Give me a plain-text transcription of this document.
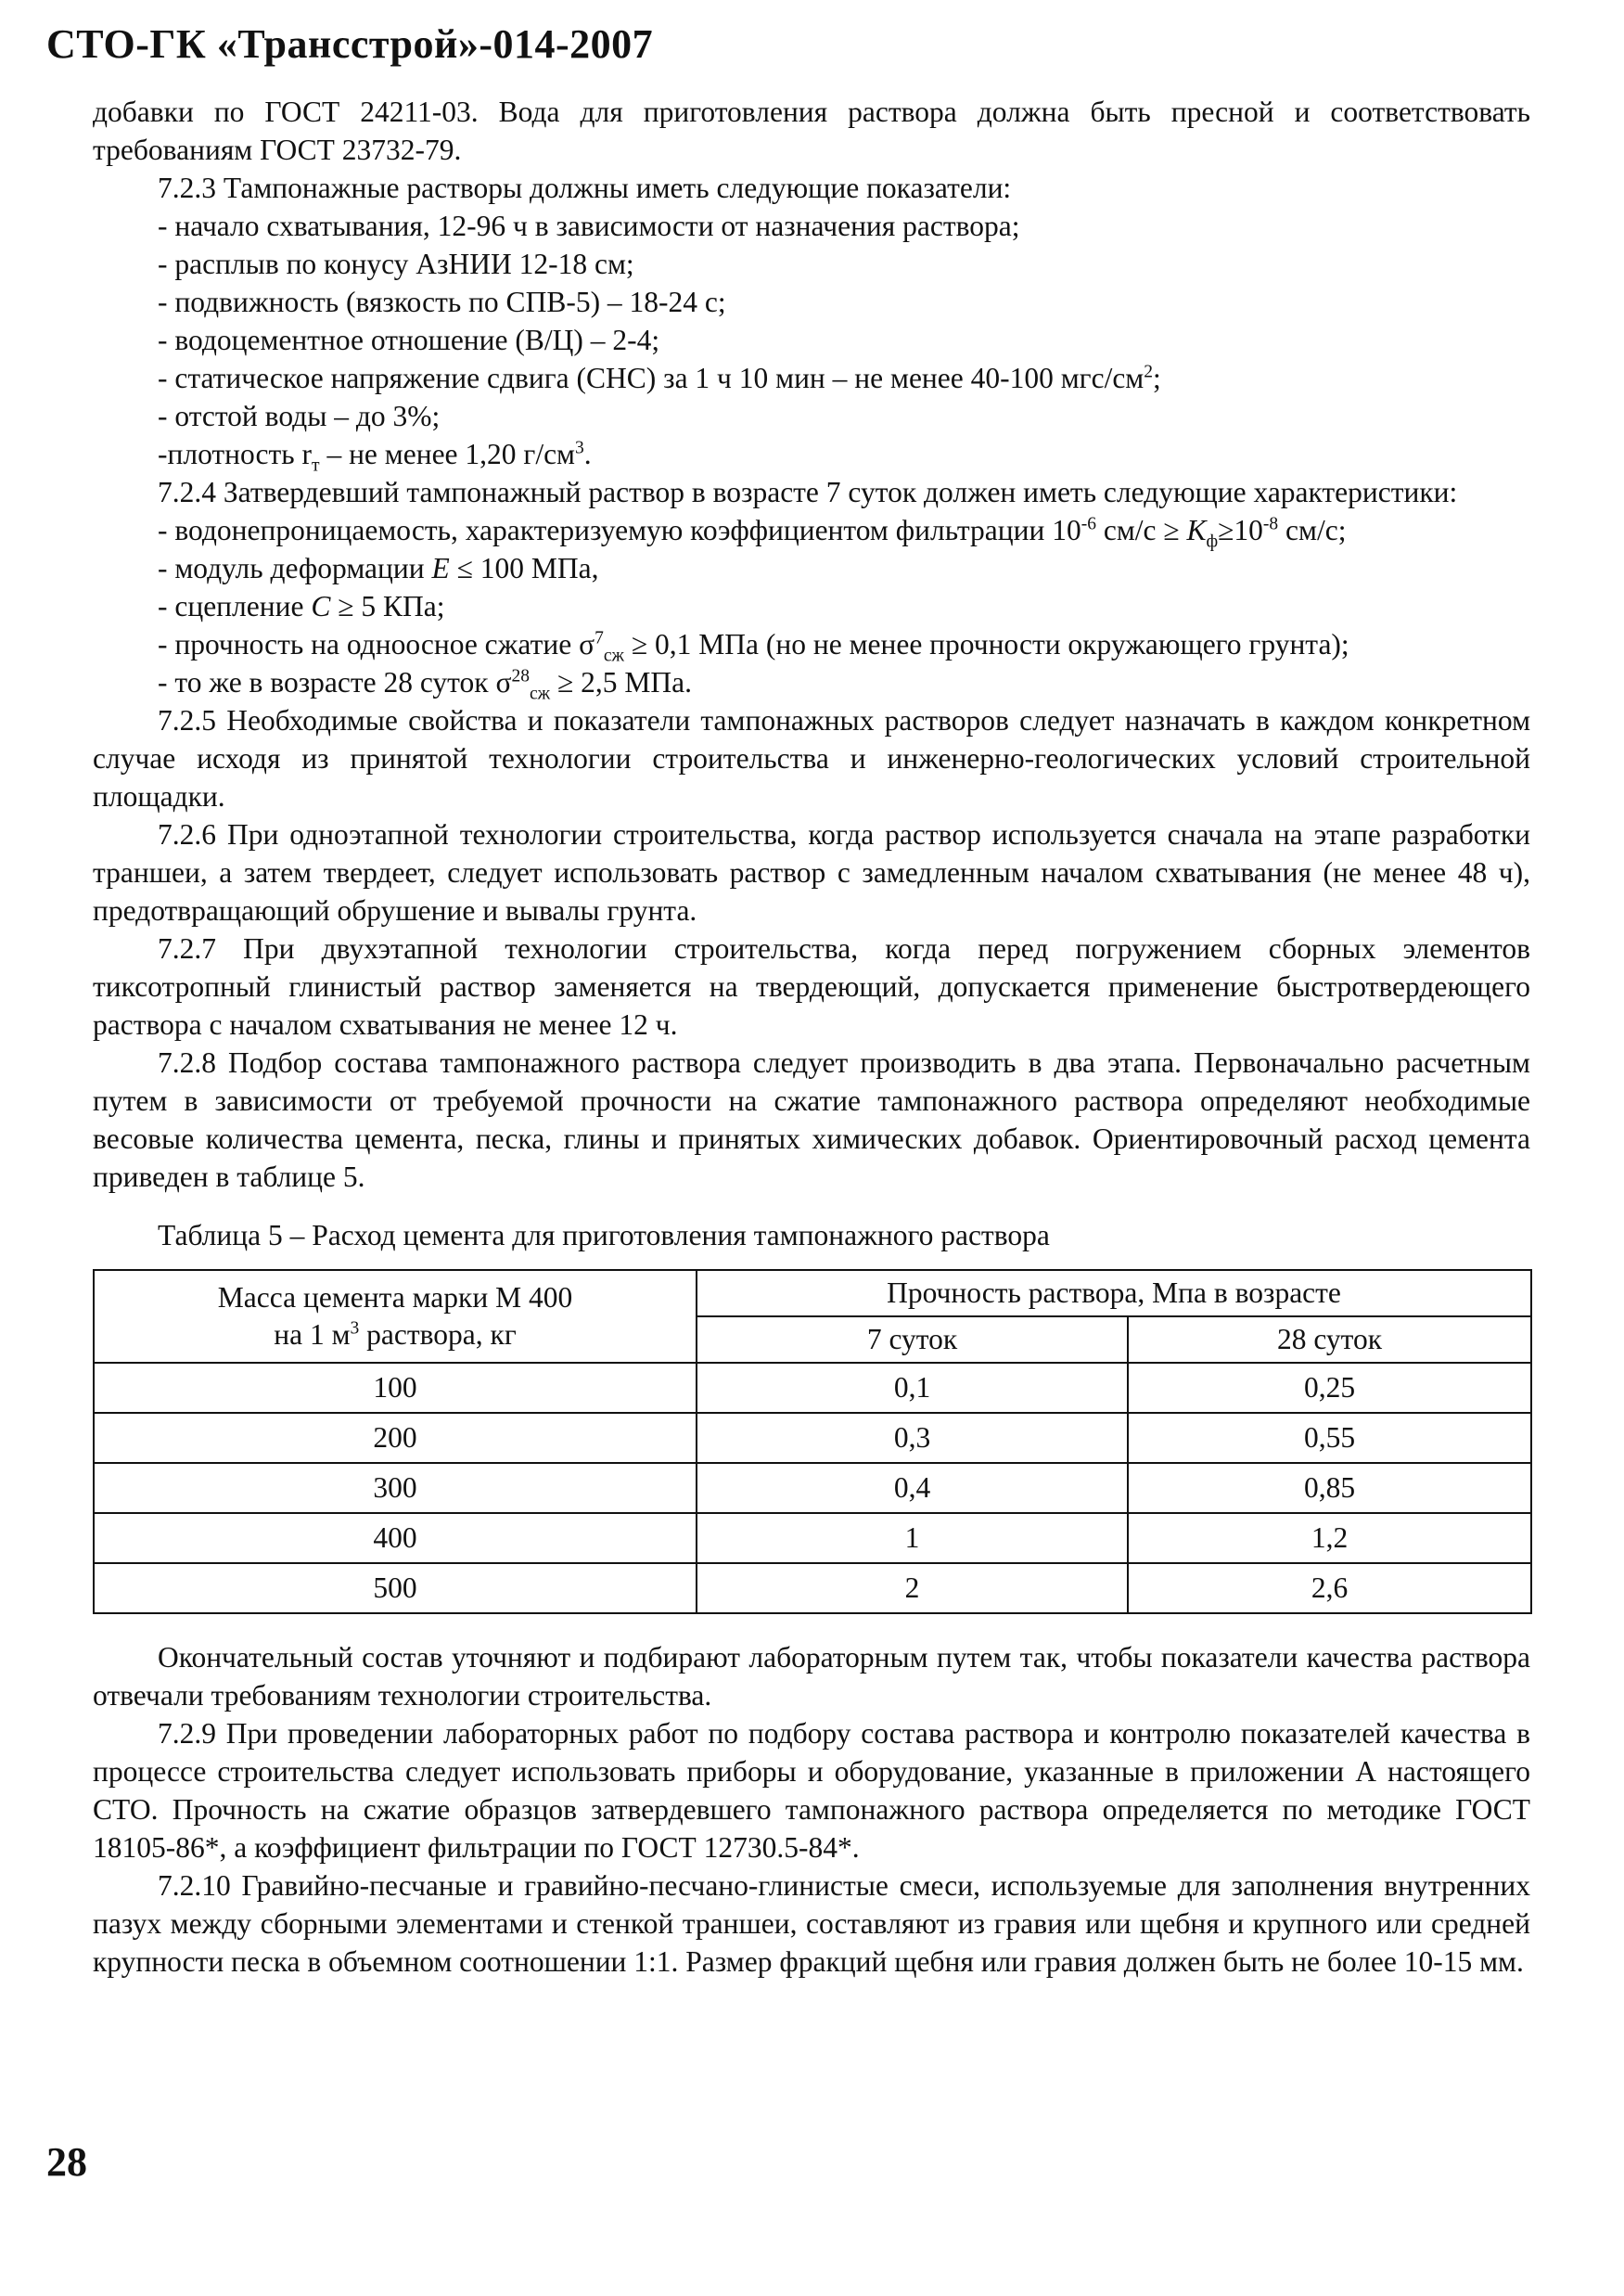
СТО-ГК «Трансстрой»-014-2007

добавки по ГОСТ 24211-03. Вода для приготовления раствора должна быть пресной и соответствовать требованиям ГОСТ 23732-79.

7.2.3 Тампонажные растворы должны иметь следующие показатели:

- начало схватывания, 12-96 ч в зависимости от назначения раствора;

- расплыв по конусу АзНИИ 12-18 см;

- подвижность (вязкость по СПВ-5) – 18-24 с;

- водоцементное отношение (В/Ц) – 2-4;

- статическое напряжение сдвига (СНС) за 1 ч 10 мин – не менее 40-100 мгс/$см^2$;

- отстой воды – до 3%;

-плотность $r_т$ – не менее 1,20 $г/см^3$.

7.2.4 Затвердевший тампонажный раствор в возрасте 7 суток должен иметь следующие характеристики:

- водонепроницаемость, характеризуемую коэффициентом фильтрации $10^{-6}$ $см/с \ge К_ф\ge 10^{-8}$ см/с;

- модуль деформации E ≤ 100 МПа,

- сцепление C ≥ 5 КПа;

- прочность на одноосное сжатие $\sigma^7_{сж} \ge 0,1$ МПа (но не менее прочности окружающего грунта);

- то же в возрасте 28 суток $\sigma^{28}_{сж} \ge 2,5$ МПа.

7.2.5 Необходимые свойства и показатели тампонажных растворов следует назначать в каждом конкретном случае исходя из принятой технологии строительства и инженерно-геологических условий строительной площадки.

7.2.6 При одноэтапной технологии строительства, когда раствор используется сначала на этапе разработки траншеи, а затем твердеет, следует использовать раствор с замедленным началом схватывания (не менее 48 ч), предотвращающий обрушение и вывалы грунта.

7.2.7 При двухэтапной технологии строительства, когда перед погружением сборных элементов тиксотропный глинистый раствор заменяется на твердеющий, допускается применение быстротвердеющего раствора с началом схватывания не менее 12 ч.

7.2.8 Подбор состава тампонажного раствора следует производить в два этапа. Первоначально расчетным путем в зависимости от требуемой прочности на сжатие тампонажного раствора определяют необходимые весовые количества цемента, песка, глины и принятых химических добавок. Ориентировочный расход цемента приведен в таблице 5.

Таблица 5 – Расход цемента для приготовления тампонажного раствора
Масса цемента марки М 400
на 1 $м^3$ раствора, кг	Прочность раствора, Мпа в возрасте	
	7 суток	28 суток
100	0,1	0,25
200	0,3	0,55
300	0,4	0,85
400	1	1,2
500	2	2,6

Окончательный состав уточняют и подбирают лабораторным путем так, чтобы показатели качества раствора отвечали требованиям технологии строительства.

7.2.9 При проведении лабораторных работ по подбору состава раствора и контролю показателей качества в процессе строительства следует использовать приборы и оборудование, указанные в приложении А настоящего СТО. Прочность на сжатие образцов затвердевшего тампонажного раствора определяется по методике ГОСТ 18105-86*, а коэффициент фильтрации по ГОСТ 12730.5-84*.

7.2.10 Гравийно-песчаные и гравийно-песчано-глинистые смеси, используемые для заполнения внутренних пазух между сборными элементами и стенкой траншеи, составляют из гравия или щебня и крупного или средней крупности песка в объемном соотношении 1:1. Размер фракций щебня или гравия должен быть не более 10-15 мм.

28
